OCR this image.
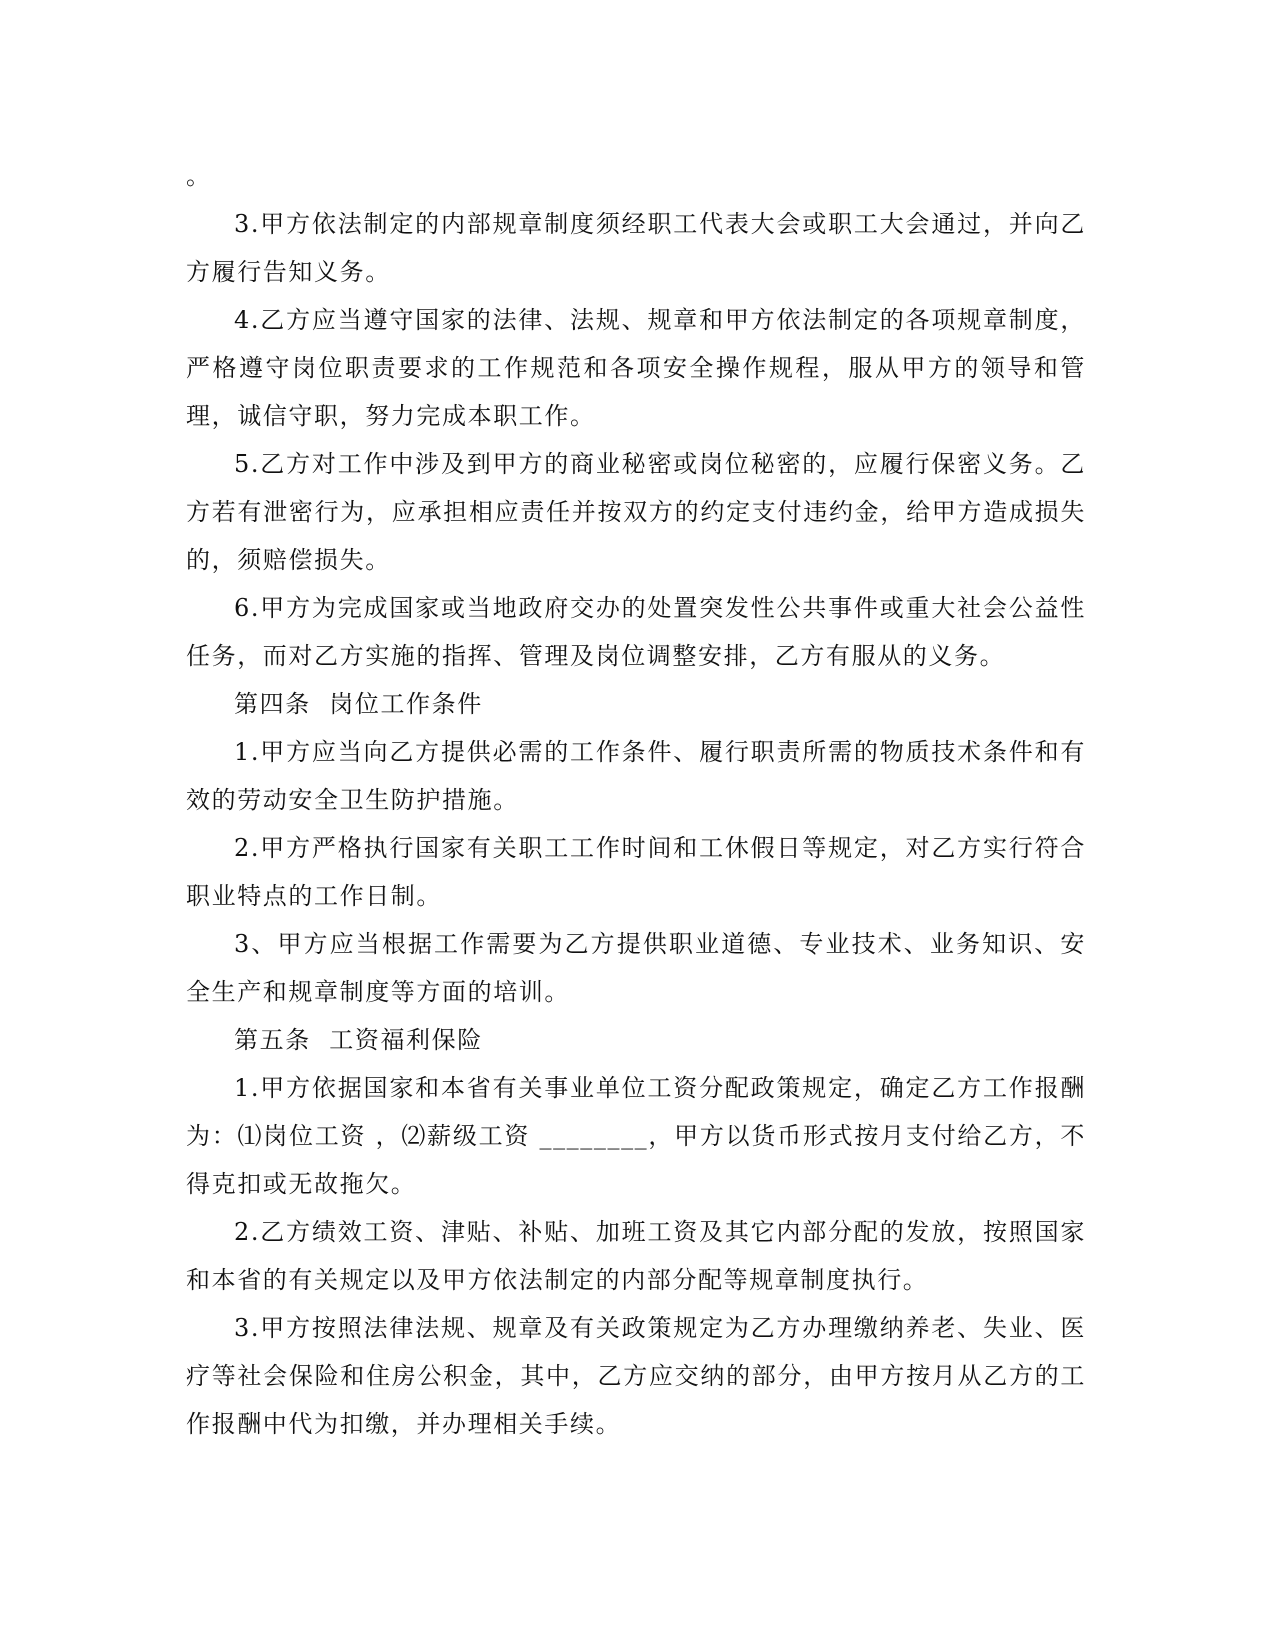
。

3.甲方依法制定的内部规章制度须经职工代表大会或职工大会通过，并向乙方履行告知义务。

4.乙方应当遵守国家的法律、法规、规章和甲方依法制定的各项规章制度，严格遵守岗位职责要求的工作规范和各项安全操作规程，服从甲方的领导和管理，诚信守职，努力完成本职工作。

5.乙方对工作中涉及到甲方的商业秘密或岗位秘密的，应履行保密义务。乙方若有泄密行为，应承担相应责任并按双方的约定支付违约金，给甲方造成损失的，须赔偿损失。

6.甲方为完成国家或当地政府交办的处置突发性公共事件或重大社会公益性任务，而对乙方实施的指挥、管理及岗位调整安排，乙方有服从的义务。

第四条  岗位工作条件

1.甲方应当向乙方提供必需的工作条件、履行职责所需的物质技术条件和有效的劳动安全卫生防护措施。

2.甲方严格执行国家有关职工工作时间和工休假日等规定，对乙方实行符合职业特点的工作日制。

3、甲方应当根据工作需要为乙方提供职业道德、专业技术、业务知识、安全生产和规章制度等方面的培训。

第五条  工资福利保险

1.甲方依据国家和本省有关事业单位工资分配政策规定，确定乙方工作报酬为：⑴岗位工资 ，⑵薪级工资 ________，甲方以货币形式按月支付给乙方，不得克扣或无故拖欠。

2.乙方绩效工资、津贴、补贴、加班工资及其它内部分配的发放，按照国家和本省的有关规定以及甲方依法制定的内部分配等规章制度执行。

3.甲方按照法律法规、规章及有关政策规定为乙方办理缴纳养老、失业、医疗等社会保险和住房公积金，其中，乙方应交纳的部分，由甲方按月从乙方的工作报酬中代为扣缴，并办理相关手续。
